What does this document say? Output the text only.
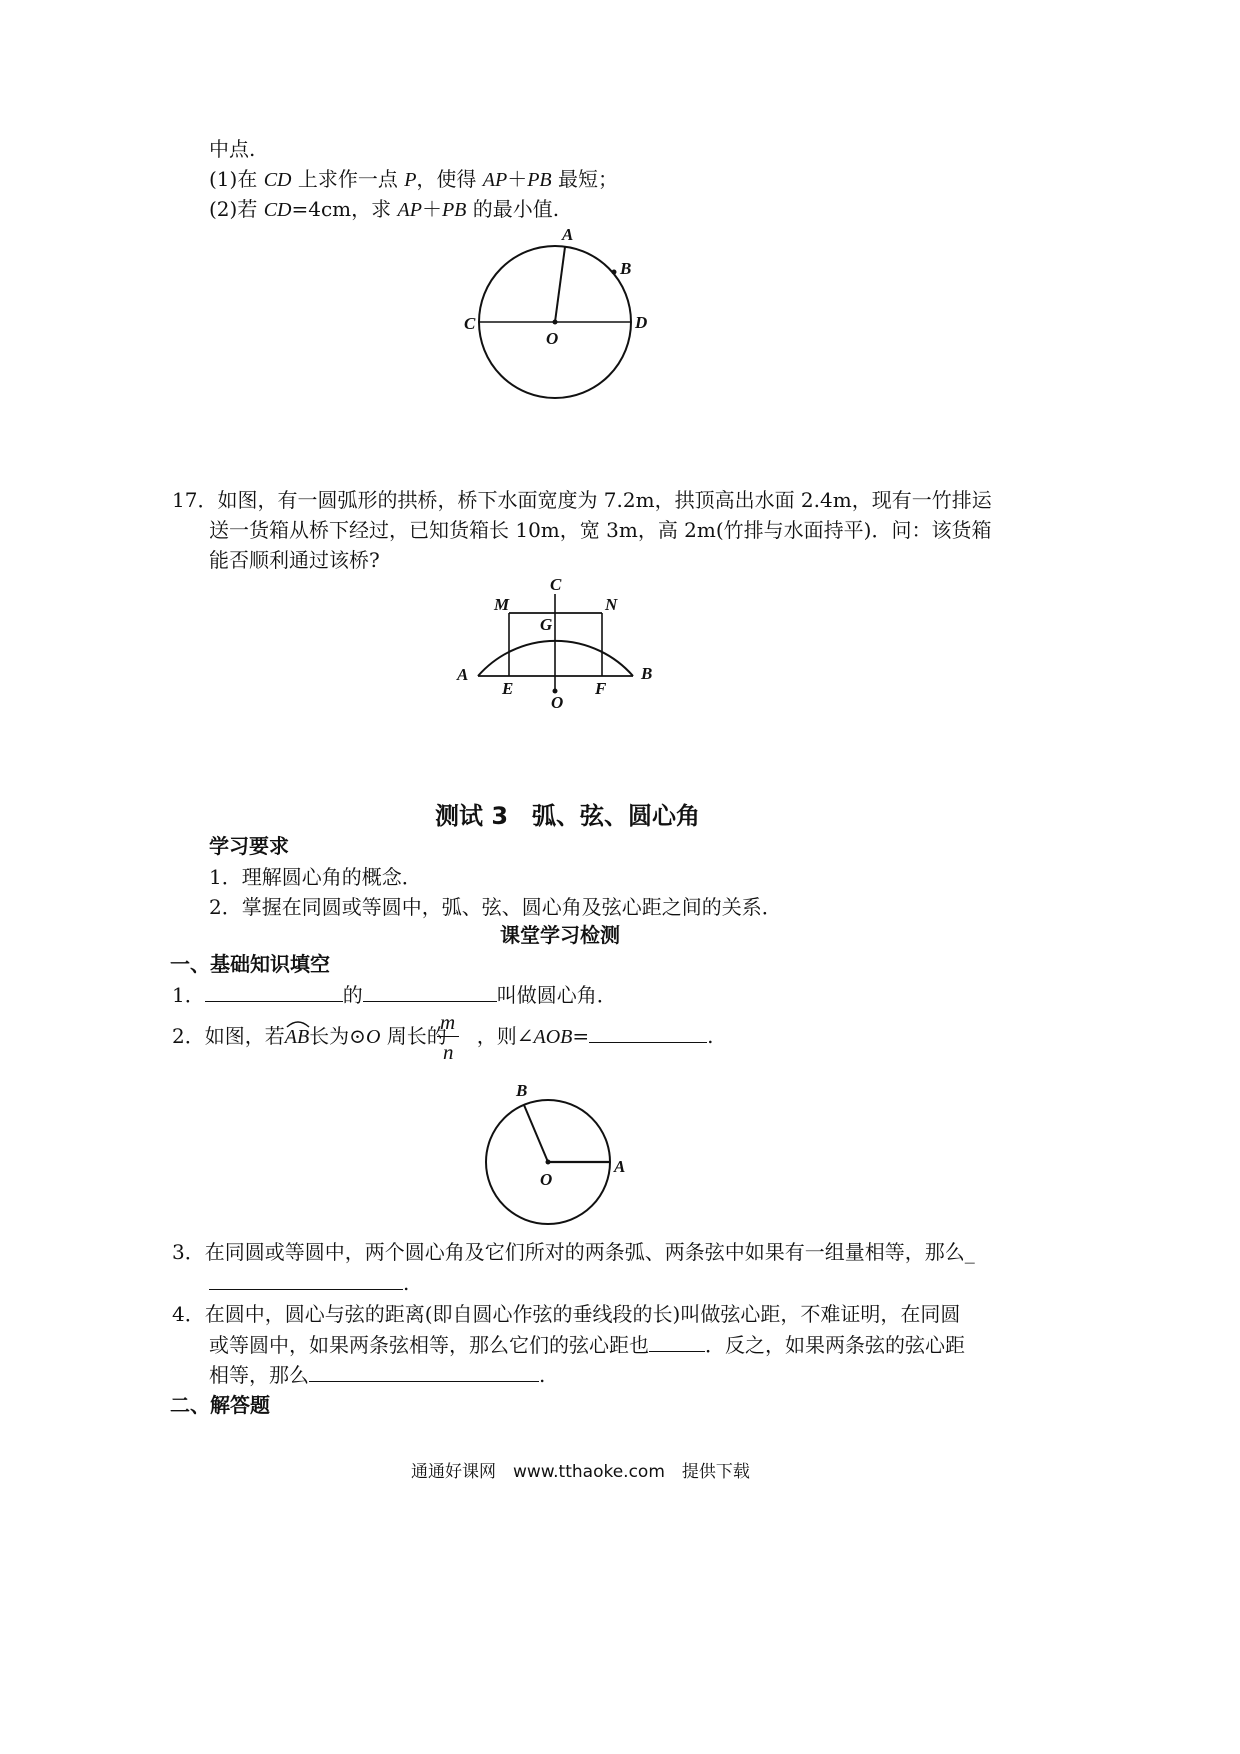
中点.
(1)在 CD 上求作一点 P，使得 AP＋PB 最短；
(2)若 CD=4cm，求 AP＋PB 的最小值.
A
B
C	D
O
17．如图，有一圆弧形的拱桥，桥下水面宽度为 7.2m，拱顶高出水面 2.4m，现有一竹排运
送一货箱从桥下经过，已知货箱长 10m，宽 3m，高 2m(竹排与水面持平)．问：该货箱
能否顺利通过该桥?
C
M	N
G
A	B
E	F
O
测试 3　弧、弦、圆心角
学习要求
1．理解圆心角的概念．
2．掌握在同圆或等圆中，弧、弦、圆心角及弦心距之间的关系．
课堂学习检测
一、基础知识填空
1．	的	叫做圆心角．
2．如图，若AB
长为⊙O 周长的 ，则∠AOB=	.
m
n
B
A
O
3．在同圆或等圆中，两个圆心角及它们所对的两条弧、两条弦中如果有一组量相等，那么_
.
4．在圆中，圆心与弦的距离(即自圆心作弦的垂线段的长)叫做弦心距，不难证明，在同圆
或等圆中，如果两条弦相等，那么它们的弦心距也	．反之，如果两条弦的弦心距
相等，那么	.
二、解答题
通通好课网　www.tthaoke.com　提供下载
